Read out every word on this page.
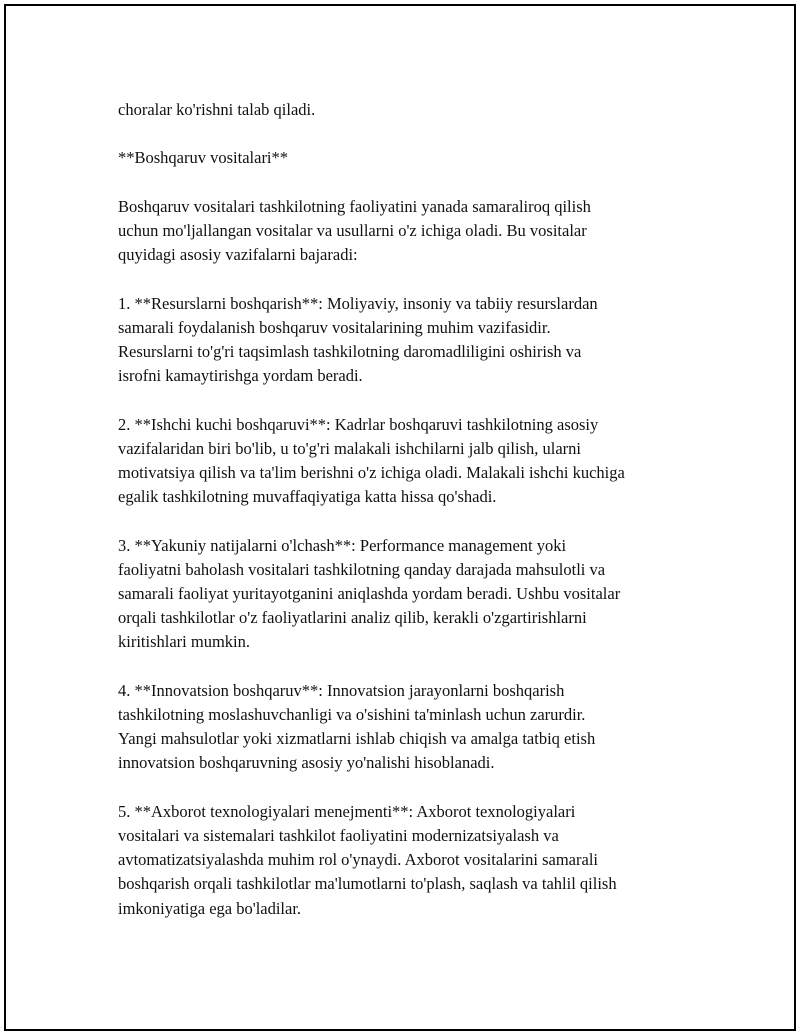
choralar ko'rishni talab qiladi.

**Boshqaruv vositalari**

Boshqaruv vositalari tashkilotning faoliyatini yanada samaraliroq qilish
uchun mo'ljallangan vositalar va usullarni o'z ichiga oladi. Bu vositalar
quyidagi asosiy vazifalarni bajaradi:

1. **Resurslarni boshqarish**: Moliyaviy, insoniy va tabiiy resurslardan
samarali foydalanish boshqaruv vositalarining muhim vazifasidir.
Resurslarni to'g'ri taqsimlash tashkilotning daromadliligini oshirish va
isrofni kamaytirishga yordam beradi.

2. **Ishchi kuchi boshqaruvi**: Kadrlar boshqaruvi tashkilotning asosiy
vazifalaridan biri bo'lib, u to'g'ri malakali ishchilarni jalb qilish, ularni
motivatsiya qilish va ta'lim berishni o'z ichiga oladi. Malakali ishchi kuchiga
egalik tashkilotning muvaffaqiyatiga katta hissa qo'shadi.

3. **Yakuniy natijalarni o'lchash**: Performance management yoki
faoliyatni baholash vositalari tashkilotning qanday darajada mahsulotli va
samarali faoliyat yuritayotganini aniqlashda yordam beradi. Ushbu vositalar
orqali tashkilotlar o'z faoliyatlarini analiz qilib, kerakli o'zgartirishlarni
kiritishlari mumkin.

4. **Innovatsion boshqaruv**: Innovatsion jarayonlarni boshqarish
tashkilotning moslashuvchanligi va o'sishini ta'minlash uchun zarurdir.
Yangi mahsulotlar yoki xizmatlarni ishlab chiqish va amalga tatbiq etish
innovatsion boshqaruvning asosiy yo'nalishi hisoblanadi.

5. **Axborot texnologiyalari menejmenti**: Axborot texnologiyalari
vositalari va sistemalari tashkilot faoliyatini modernizatsiyalash va
avtomatizatsiyalashda muhim rol o'ynaydi. Axborot vositalarini samarali
boshqarish orqali tashkilotlar ma'lumotlarni to'plash, saqlash va tahlil qilish
imkoniyatiga ega bo'ladilar.
